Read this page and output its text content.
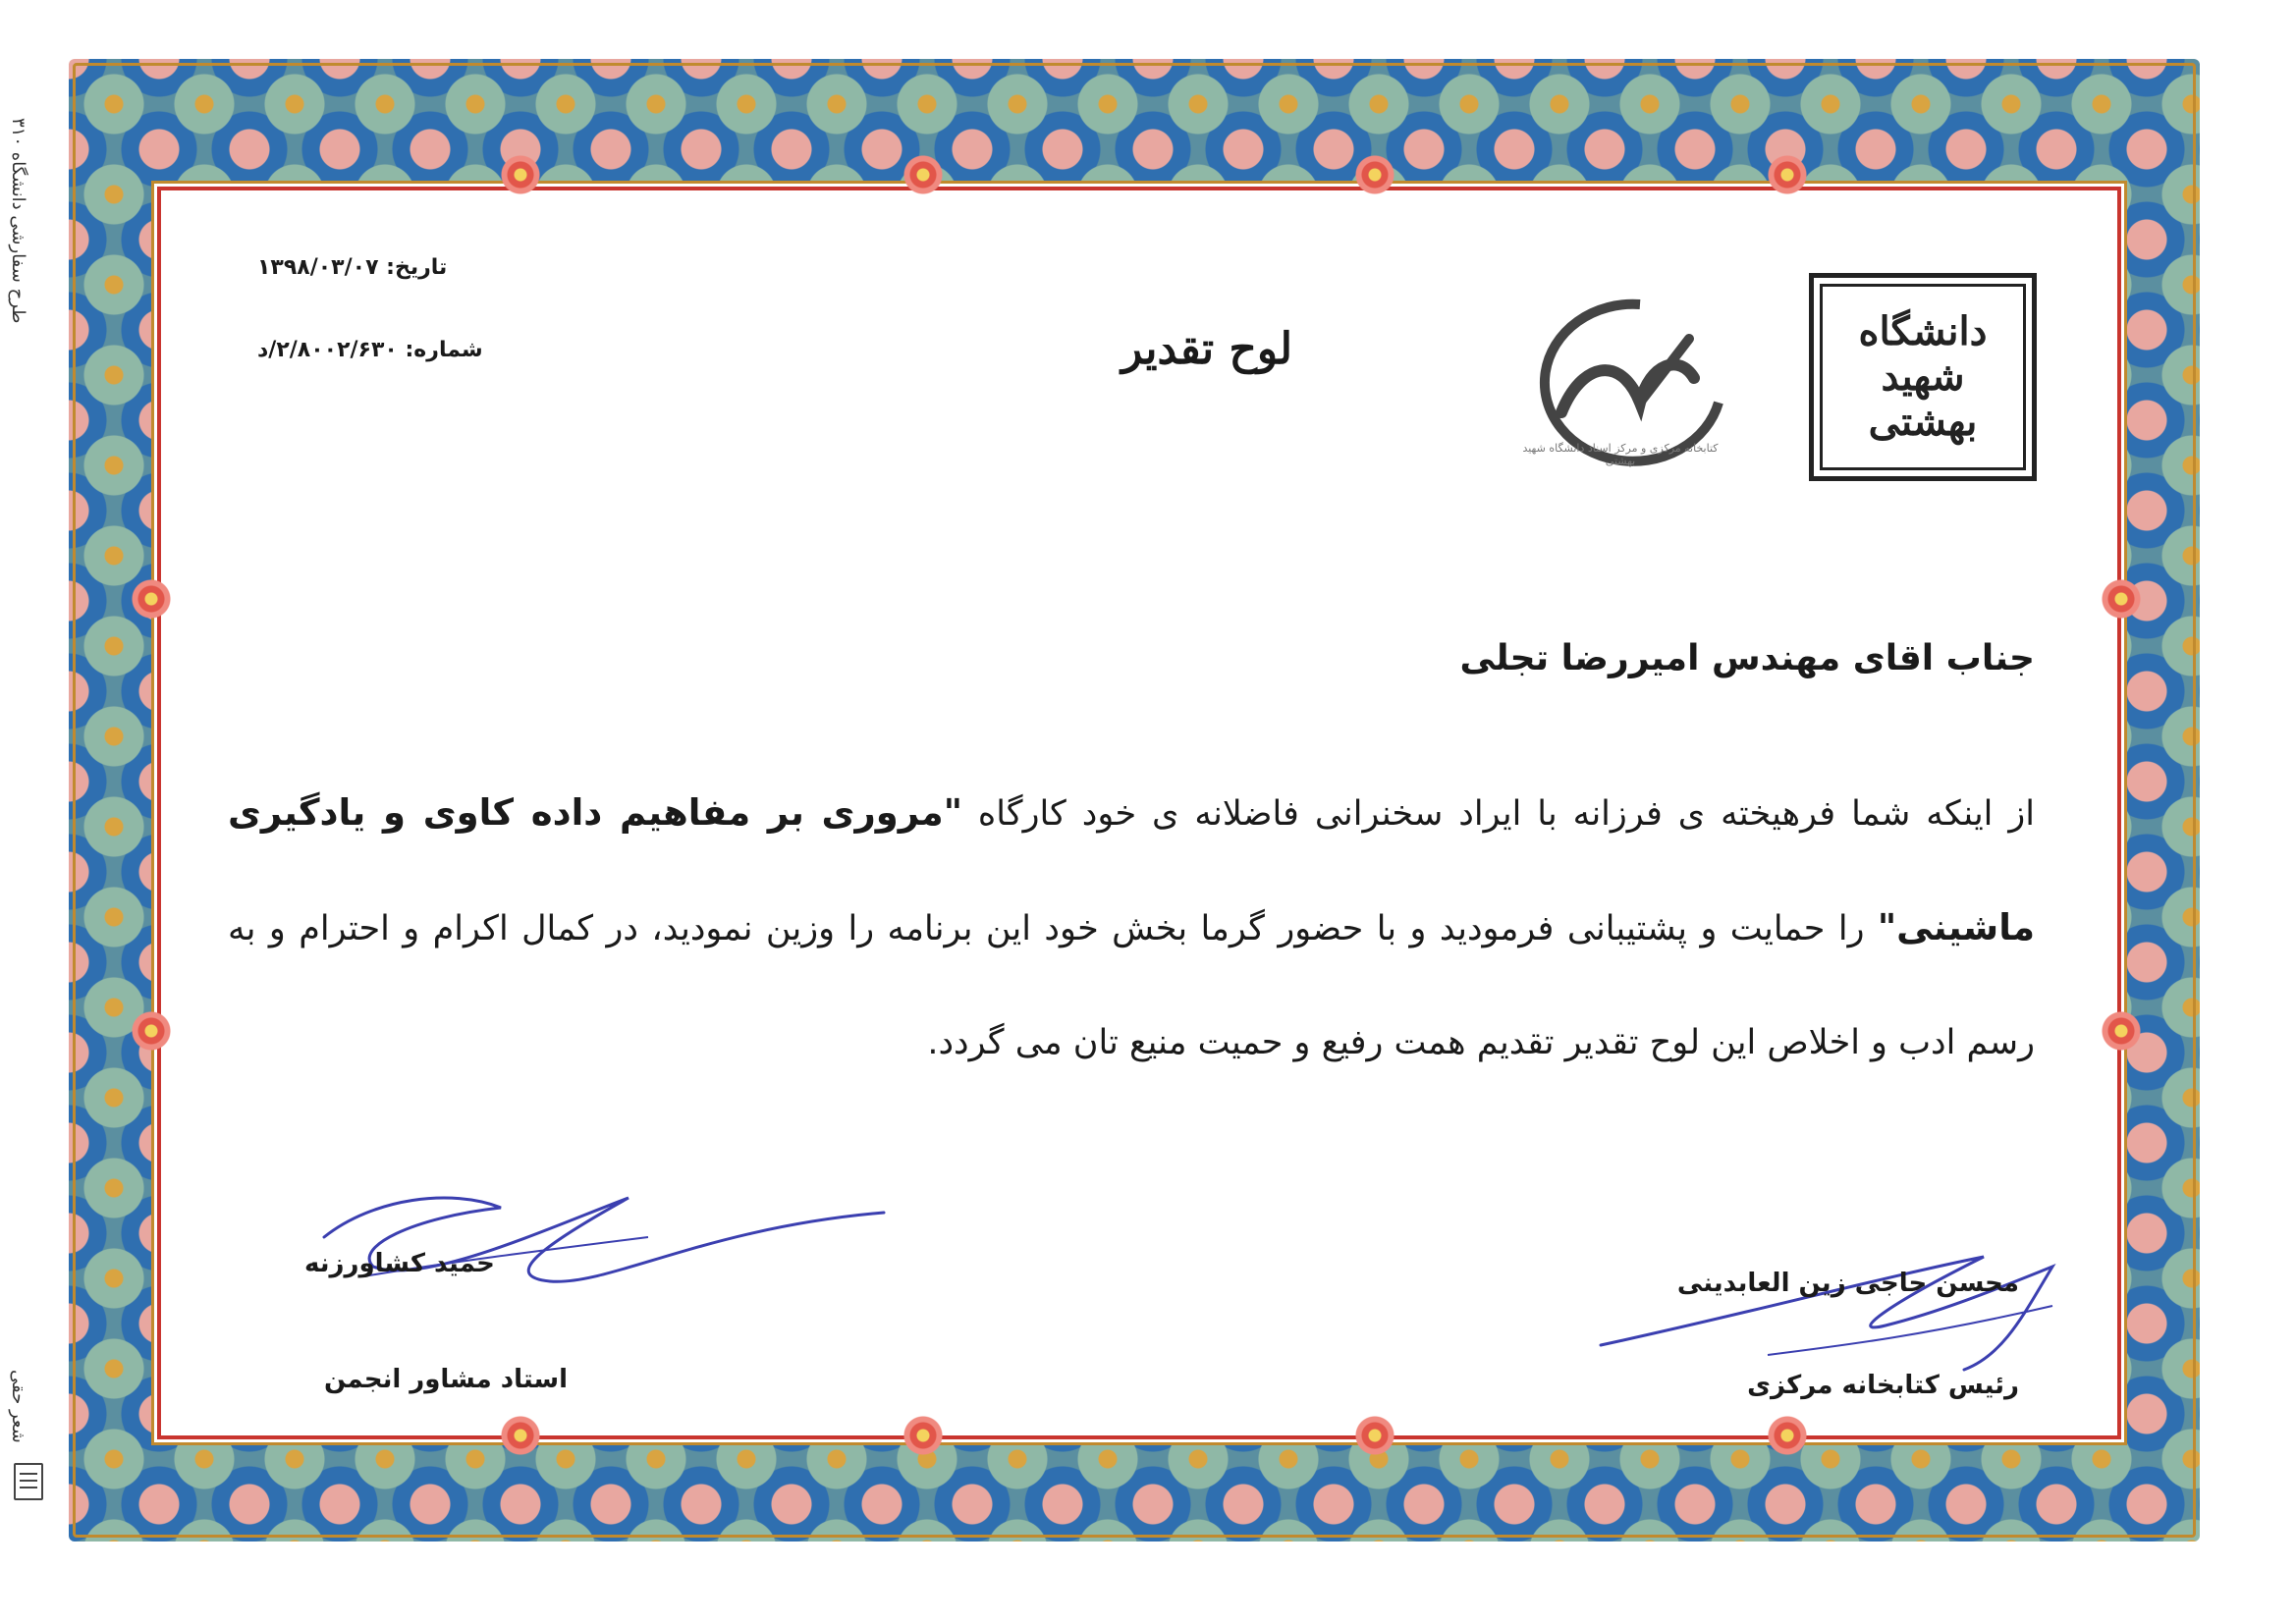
طرح سفارشی دانشگاه ۳۱۰
شعر حقی
تاریخ: ۱۳۹۸/۰۳/۰۷
شماره: ۲/۸۰۰۲/۶۳۰/د	لوح تقدیر	دانشگاه شهید بهشتی
کتابخانه مرکزی و مرکز اسناد دانشگاه شهید بهشتی
جناب اقای مهندس امیررضا تجلی
از اینکه شما فرهیخته ی فرزانه با ایراد سخنرانی فاضلانه ی خود کارگاه "مروری بر مفاهیم داده کاوی و یادگیری ماشینی" را حمایت و پشتیبانی فرمودید و با حضور گرما بخش خود این برنامه را وزین نمودید، در کمال اکرام و احترام و به رسم ادب و اخلاص این لوح تقدیر تقدیم همت رفیع و حمیت منیع تان می گردد.
حمید کشاورزنه
استاد مشاور انجمن
محسن حاجی زین العابدینی
رئیس کتابخانه مرکزی
